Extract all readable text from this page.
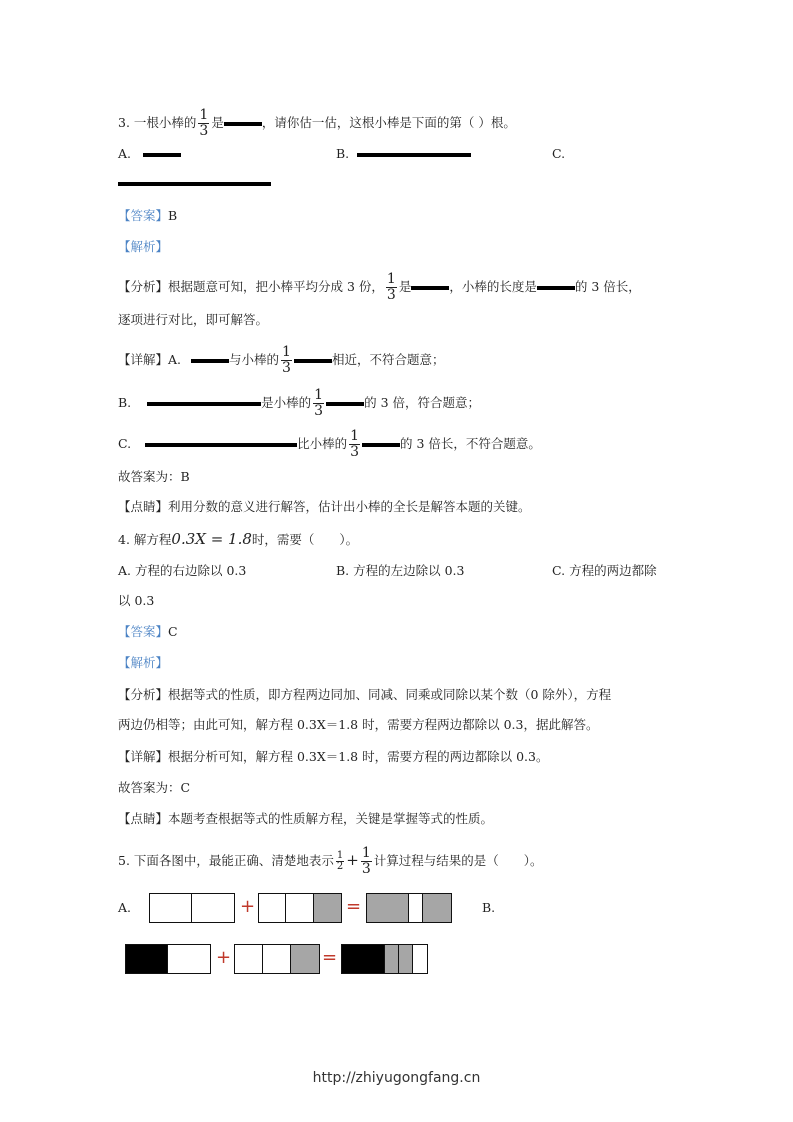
3. 一根小棒的 $\frac{1}{3}$ 是	，请你估一估，这根小棒是下面的第（ ）根。
A.	B.	C.
【答案】B
【解析】
【分析】根据题意可知，把小棒平均分成 3 份， $\frac{1}{3}$ 是	，小棒的长度是	的 3 倍长，
逐项进行对比，即可解答。
【详解】A.	与小棒的 $\frac{1}{3}$	相近，不符合题意；
B.	是小棒的 $\frac{1}{3}$	的 3 倍，符合题意；
C.	比小棒的 $\frac{1}{3}$	的 3 倍长，不符合题意。
故答案为：B
【点睛】利用分数的意义进行解答，估计出小棒的全长是解答本题的关键。
4. 解方程0.3X = 1.8时，需要（　　）。
A. 方程的右边除以 0.3	B. 方程的左边除以 0.3	C. 方程的两边都除
以 0.3
【答案】C
【解析】
【分析】根据等式的性质，即方程两边同加、同减、同乘或同除以某个数（0 除外），方程
两边仍相等；由此可知，解方程 0.3X＝1.8 时，需要方程两边都除以 0.3，据此解答。
【详解】根据分析可知，解方程 0.3X＝1.8 时，需要方程的两边都除以 0.3。
故答案为：C
【点睛】本题考查根据等式的性质解方程，关键是掌握等式的性质。
5. 下面各图中，最能正确、清楚地表示 $\frac{1}{2} + \frac{1}{3}$ 计算过程与结果的是（　　）。
A.	+	=	B.
+	=
http://zhiyugongfang.cn
